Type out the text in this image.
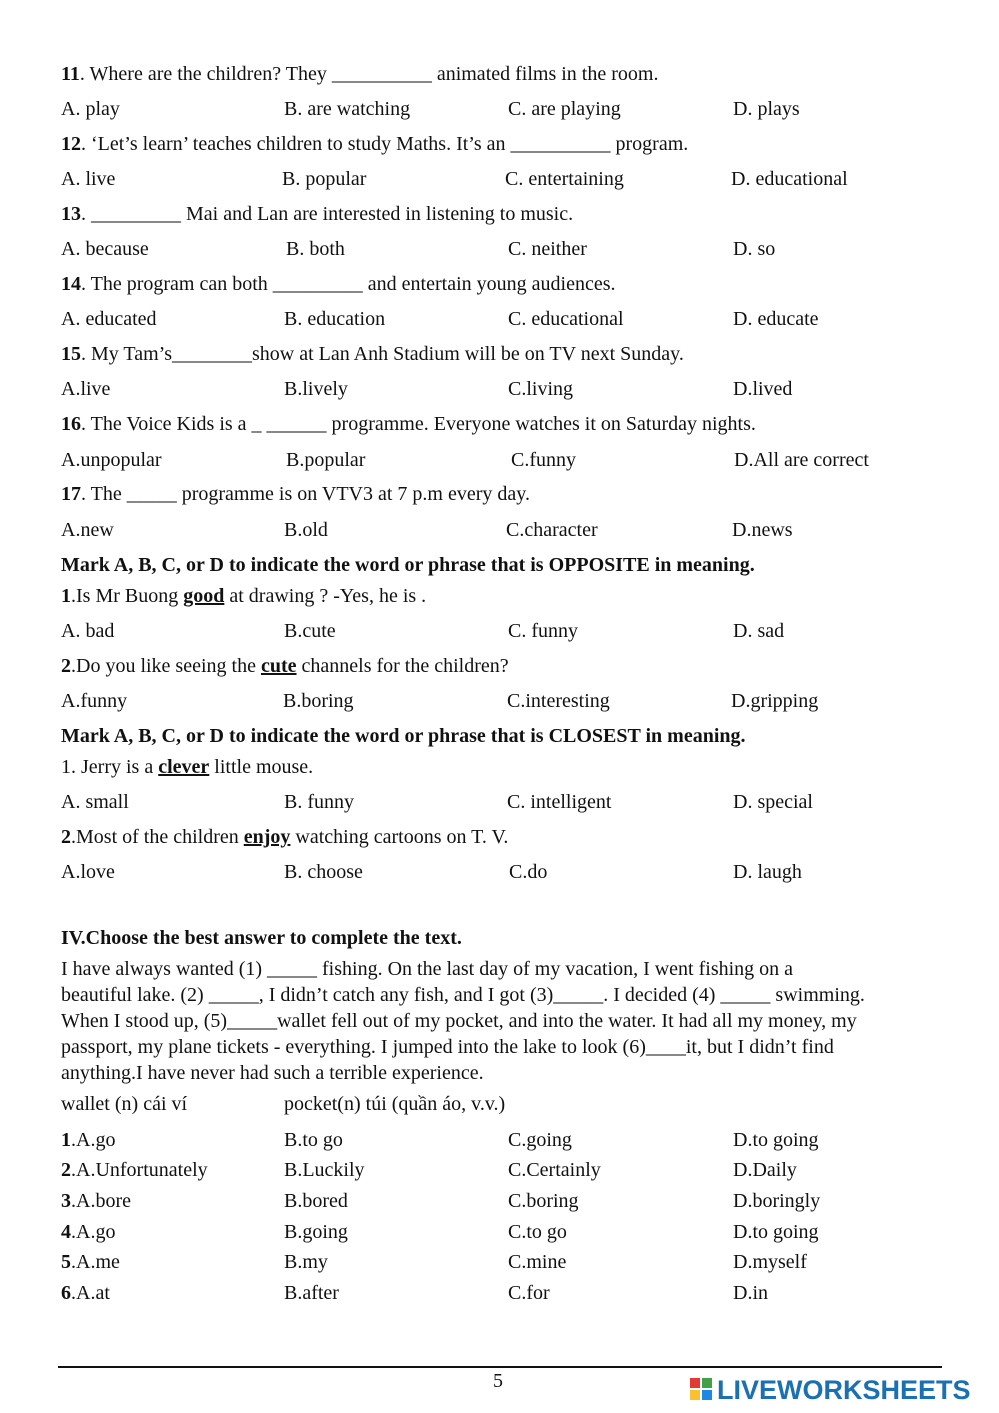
11. Where are the children? They __________ animated films in the room.
A. play	B. are watching	C. are playing	D. plays
12. ‘Let’s learn’ teaches children to study Maths. It’s an __________ program.
A. live	B. popular	C. entertaining	D. educational
13. _________ Mai and Lan are interested in listening to music.
A. because	B. both	C. neither	D. so
14. The program can both _________ and entertain young audiences.
A. educated	B. education	C. educational	D. educate
15. My Tam’s________show at Lan Anh Stadium will be on TV next Sunday.
A.live	B.lively	C.living	D.lived
16. The Voice Kids is a _ ______ programme. Everyone watches it on Saturday nights.
A.unpopular	B.popular	C.funny	D.All are correct
17. The _____ programme is on VTV3 at 7 p.m every day.
A.new	B.old	C.character	D.news
Mark A, B, C, or D to indicate the word or phrase that is OPPOSITE in meaning.
1.Is Mr Buong good at drawing ? -Yes, he is .
A. bad	B.cute	C. funny	D. sad
2.Do you like seeing the cute channels for the children?
A.funny	B.boring	C.interesting	D.gripping
Mark A, B, C, or D to indicate the word or phrase that is CLOSEST in meaning.
1. Jerry is a clever little mouse.
A. small	B. funny	C. intelligent	D. special
2.Most of the children enjoy watching cartoons on T. V.
A.love	B. choose	C.do	D. laugh
IV.Choose the best answer to complete the text.
I have always wanted (1) _____ fishing. On the last day of my vacation, I went fishing on a
beautiful lake. (2) _____, I didn’t catch any fish, and I got (3)_____. I decided (4) _____ swimming.
When I stood up, (5)_____wallet fell out of my pocket, and into the water. It had all my money, my
passport, my plane tickets - everything. I jumped into the lake to look (6)____it, but I didn’t find
anything.I have never had such a terrible experience.
wallet (n) cái ví	pocket(n) túi (quần áo, v.v.)
1.A.go	B.to go	C.going	D.to going
2.A.Unfortunately	B.Luckily	C.Certainly	D.Daily
3.A.bore	B.bored	C.boring	D.boringly
4.A.go	B.going	C.to go	D.to going
5.A.me	B.my	C.mine	D.myself
6.A.at	B.after	C.for	D.in
5	LIVEWORKSHEETS
